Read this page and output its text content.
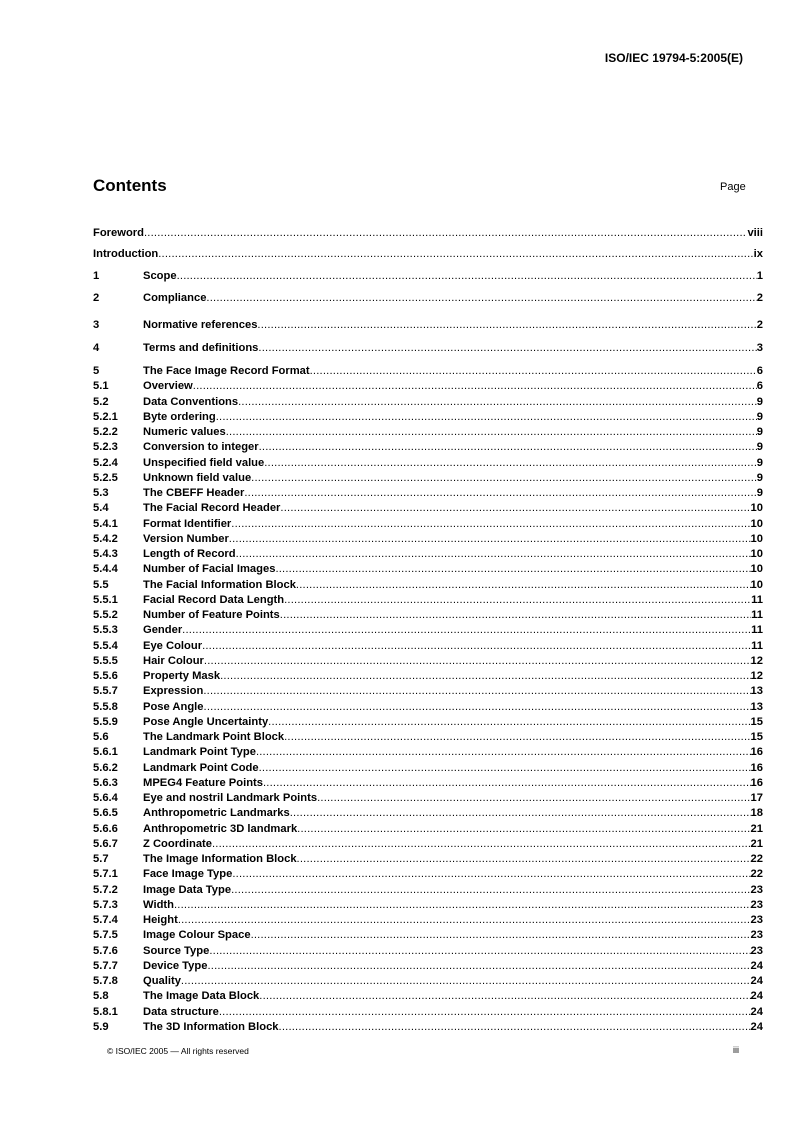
ISO/IEC 19794-5:2005(E)
Contents	Page
Foreword .....	viii
Introduction .....	ix
1	Scope .....	1
2	Compliance .....	2
3	Normative references .....	2
4	Terms and definitions .....	3
5	The Face Image Record Format .....	6
5.1	Overview .....	6
5.2	Data Conventions .....	9
5.2.1	Byte ordering .....	9
5.2.2	Numeric values .....	9
5.2.3	Conversion to integer .....	9
5.2.4	Unspecified field value .....	9
5.2.5	Unknown field value .....	9
5.3	The CBEFF Header .....	9
5.4	The Facial Record Header .....	10
5.4.1	Format Identifier .....	10
5.4.2	Version Number .....	10
5.4.3	Length of Record .....	10
5.4.4	Number of Facial Images .....	10
5.5	The Facial Information Block .....	10
5.5.1	Facial Record Data Length .....	11
5.5.2	Number of Feature Points .....	11
5.5.3	Gender .....	11
5.5.4	Eye Colour .....	11
5.5.5	Hair Colour .....	12
5.5.6	Property Mask .....	12
5.5.7	Expression .....	13
5.5.8	Pose Angle .....	13
5.5.9	Pose Angle Uncertainty .....	15
5.6	The Landmark Point Block .....	15
5.6.1	Landmark Point Type .....	16
5.6.2	Landmark Point Code .....	16
5.6.3	MPEG4 Feature Points .....	16
5.6.4	Eye and nostril Landmark Points .....	17
5.6.5	Anthropometric Landmarks .....	18
5.6.6	Anthropometric 3D landmark .....	21
5.6.7	Z Coordinate .....	21
5.7	The Image Information Block .....	22
5.7.1	Face Image Type .....	22
5.7.2	Image Data Type .....	23
5.7.3	Width .....	23
5.7.4	Height .....	23
5.7.5	Image Colour Space .....	23
5.7.6	Source Type .....	23
5.7.7	Device Type .....	24
5.7.8	Quality .....	24
5.8	The Image Data Block .....	24
5.8.1	Data structure .....	24
5.9	The 3D Information Block .....	24
© ISO/IEC 2005 — All rights reserved	iii
